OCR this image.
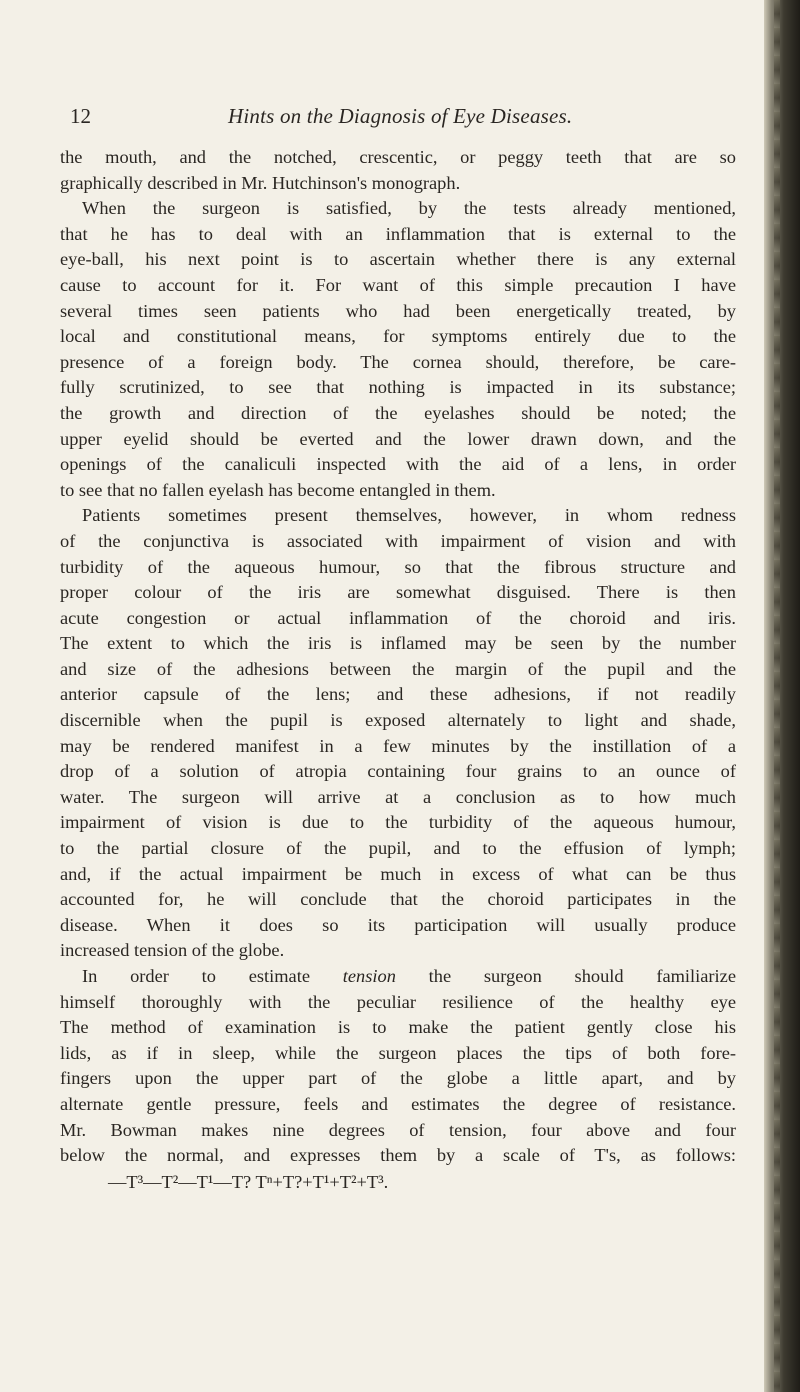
12	Hints on the Diagnosis of Eye Diseases.
the mouth, and the notched, crescentic, or peggy teeth that are so
graphically described in Mr. Hutchinson's monograph.
When the surgeon is satisfied, by the tests already mentioned,
that he has to deal with an inflammation that is external to the
eye-ball, his next point is to ascertain whether there is any external
cause to account for it. For want of this simple precaution I have
several times seen patients who had been energetically treated, by
local and constitutional means, for symptoms entirely due to the
presence of a foreign body. The cornea should, therefore, be care-
fully scrutinized, to see that nothing is impacted in its substance;
the growth and direction of the eyelashes should be noted; the
upper eyelid should be everted and the lower drawn down, and the
openings of the canaliculi inspected with the aid of a lens, in order
to see that no fallen eyelash has become entangled in them.
Patients sometimes present themselves, however, in whom redness
of the conjunctiva is associated with impairment of vision and with
turbidity of the aqueous humour, so that the fibrous structure and
proper colour of the iris are somewhat disguised. There is then
acute congestion or actual inflammation of the choroid and iris.
The extent to which the iris is inflamed may be seen by the number
and size of the adhesions between the margin of the pupil and the
anterior capsule of the lens; and these adhesions, if not readily
discernible when the pupil is exposed alternately to light and shade,
may be rendered manifest in a few minutes by the instillation of a
drop of a solution of atropia containing four grains to an ounce of
water. The surgeon will arrive at a conclusion as to how much
impairment of vision is due to the turbidity of the aqueous humour,
to the partial closure of the pupil, and to the effusion of lymph;
and, if the actual impairment be much in excess of what can be thus
accounted for, he will conclude that the choroid participates in the
disease. When it does so its participation will usually produce
increased tension of the globe.
In order to estimate tension the surgeon should familiarize
himself thoroughly with the peculiar resilience of the healthy eye
The method of examination is to make the patient gently close his
lids, as if in sleep, while the surgeon places the tips of both fore-
fingers upon the upper part of the globe a little apart, and by
alternate gentle pressure, feels and estimates the degree of resistance.
Mr. Bowman makes nine degrees of tension, four above and four
below the normal, and expresses them by a scale of T's, as follows:
—T³—T²—T¹—T? Tⁿ+T?+T¹+T²+T³.
